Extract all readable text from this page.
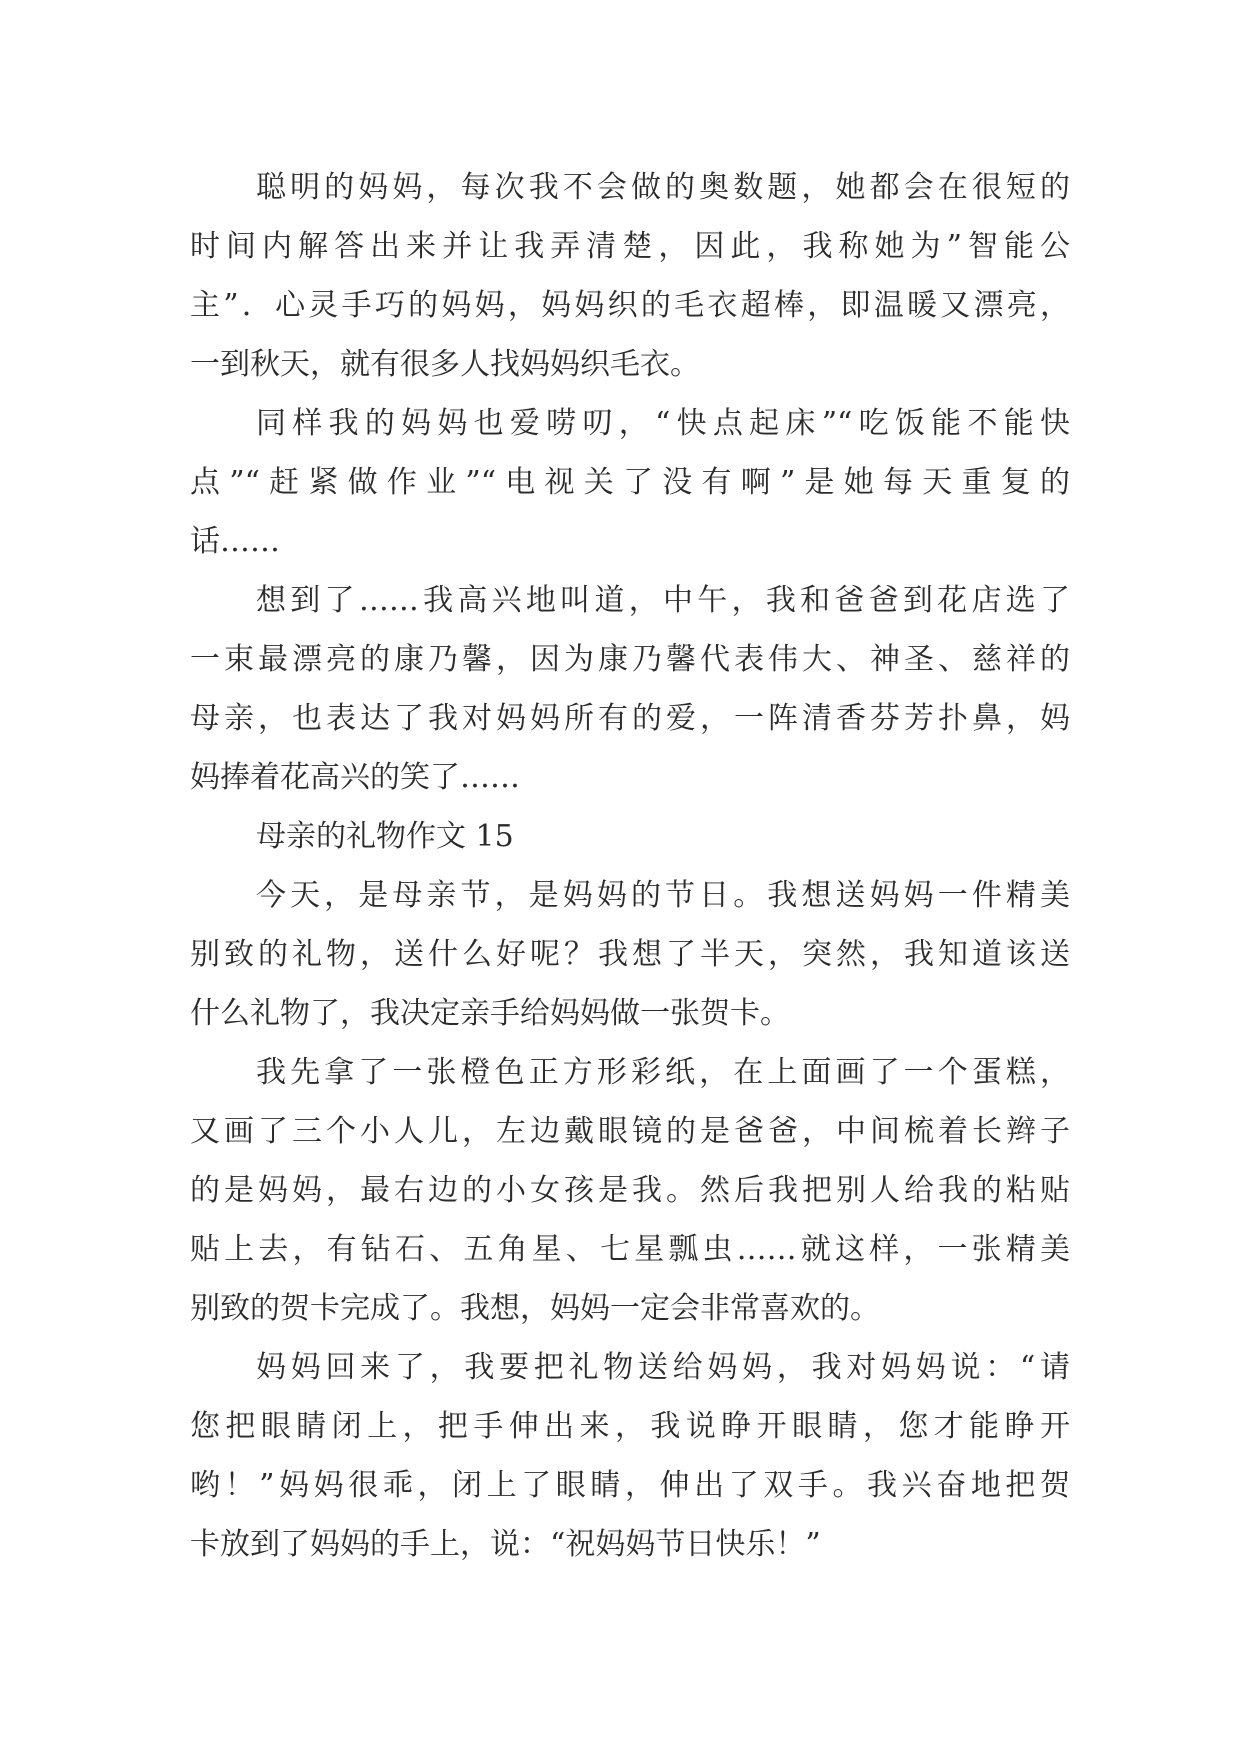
聪明的妈妈，每次我不会做的奥数题，她都会在很短的
时间内解答出来并让我弄清楚，因此，我称她为”智能公
主”．心灵手巧的妈妈，妈妈织的毛衣超棒，即温暖又漂亮，
一到秋天，就有很多人找妈妈织毛衣。
同样我的妈妈也爱唠叨，“快点起床”“吃饭能不能快
点”“赶紧做作业”“电视关了没有啊”是她每天重复的
话……
想到了……我高兴地叫道，中午，我和爸爸到花店选了
一束最漂亮的康乃馨，因为康乃馨代表伟大、神圣、慈祥的
母亲，也表达了我对妈妈所有的爱，一阵清香芬芳扑鼻，妈
妈捧着花高兴的笑了……
母亲的礼物作文 15
今天，是母亲节，是妈妈的节日。我想送妈妈一件精美
别致的礼物，送什么好呢？我想了半天，突然，我知道该送
什么礼物了，我决定亲手给妈妈做一张贺卡。
我先拿了一张橙色正方形彩纸，在上面画了一个蛋糕，
又画了三个小人儿，左边戴眼镜的是爸爸，中间梳着长辫子
的是妈妈，最右边的小女孩是我。然后我把别人给我的粘贴
贴上去，有钻石、五角星、七星瓢虫……就这样，一张精美
别致的贺卡完成了。我想，妈妈一定会非常喜欢的。
妈妈回来了，我要把礼物送给妈妈，我对妈妈说：“请
您把眼睛闭上，把手伸出来，我说睁开眼睛，您才能睁开
哟！”妈妈很乖，闭上了眼睛，伸出了双手。我兴奋地把贺
卡放到了妈妈的手上，说：“祝妈妈节日快乐！”
